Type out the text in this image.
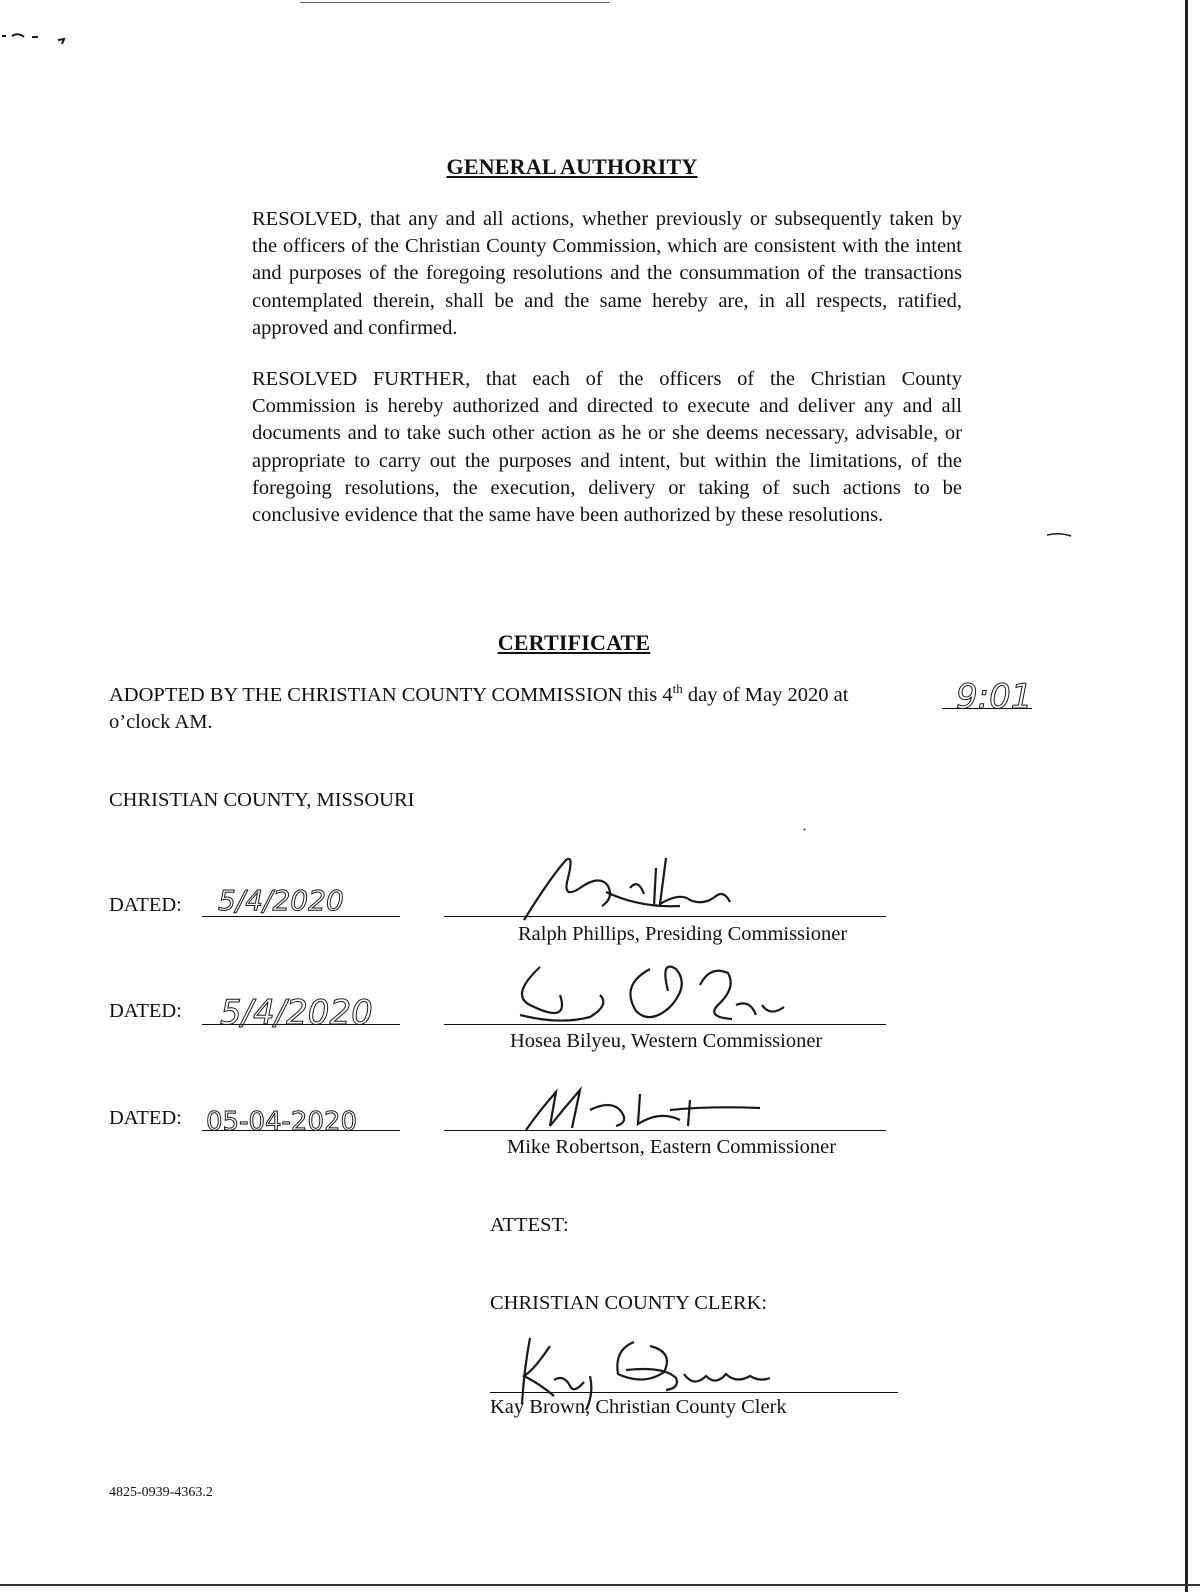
GENERAL AUTHORITY
RESOLVED, that any and all actions, whether previously or subsequently taken by the officers of the Christian County Commission, which are consistent with the intent and purposes of the foregoing resolutions and the consummation of the transactions contemplated therein, shall be and the same hereby are, in all respects, ratified, approved and confirmed.
RESOLVED FURTHER, that each of the officers of the Christian County Commission is hereby authorized and directed to execute and deliver any and all documents and to take such other action as he or she deems necessary, advisable, or appropriate to carry out the purposes and intent, but within the limitations, of the foregoing resolutions, the execution, delivery or taking of such actions to be conclusive evidence that the same have been authorized by these resolutions.
CERTIFICATE
ADOPTED BY THE CHRISTIAN COUNTY COMMISSION this 4th day of May 2020 at	9:01
o’clock AM.
CHRISTIAN COUNTY, MISSOURI
DATED: 5/4/2020
Ralph Phillips, Presiding Commissioner
DATED: 5/4/2020
Hosea Bilyeu, Western Commissioner
DATED: 05-04-2020
Mike Robertson, Eastern Commissioner
ATTEST:
CHRISTIAN COUNTY CLERK:
Kay Brown, Christian County Clerk
4825-0939-4363.2
